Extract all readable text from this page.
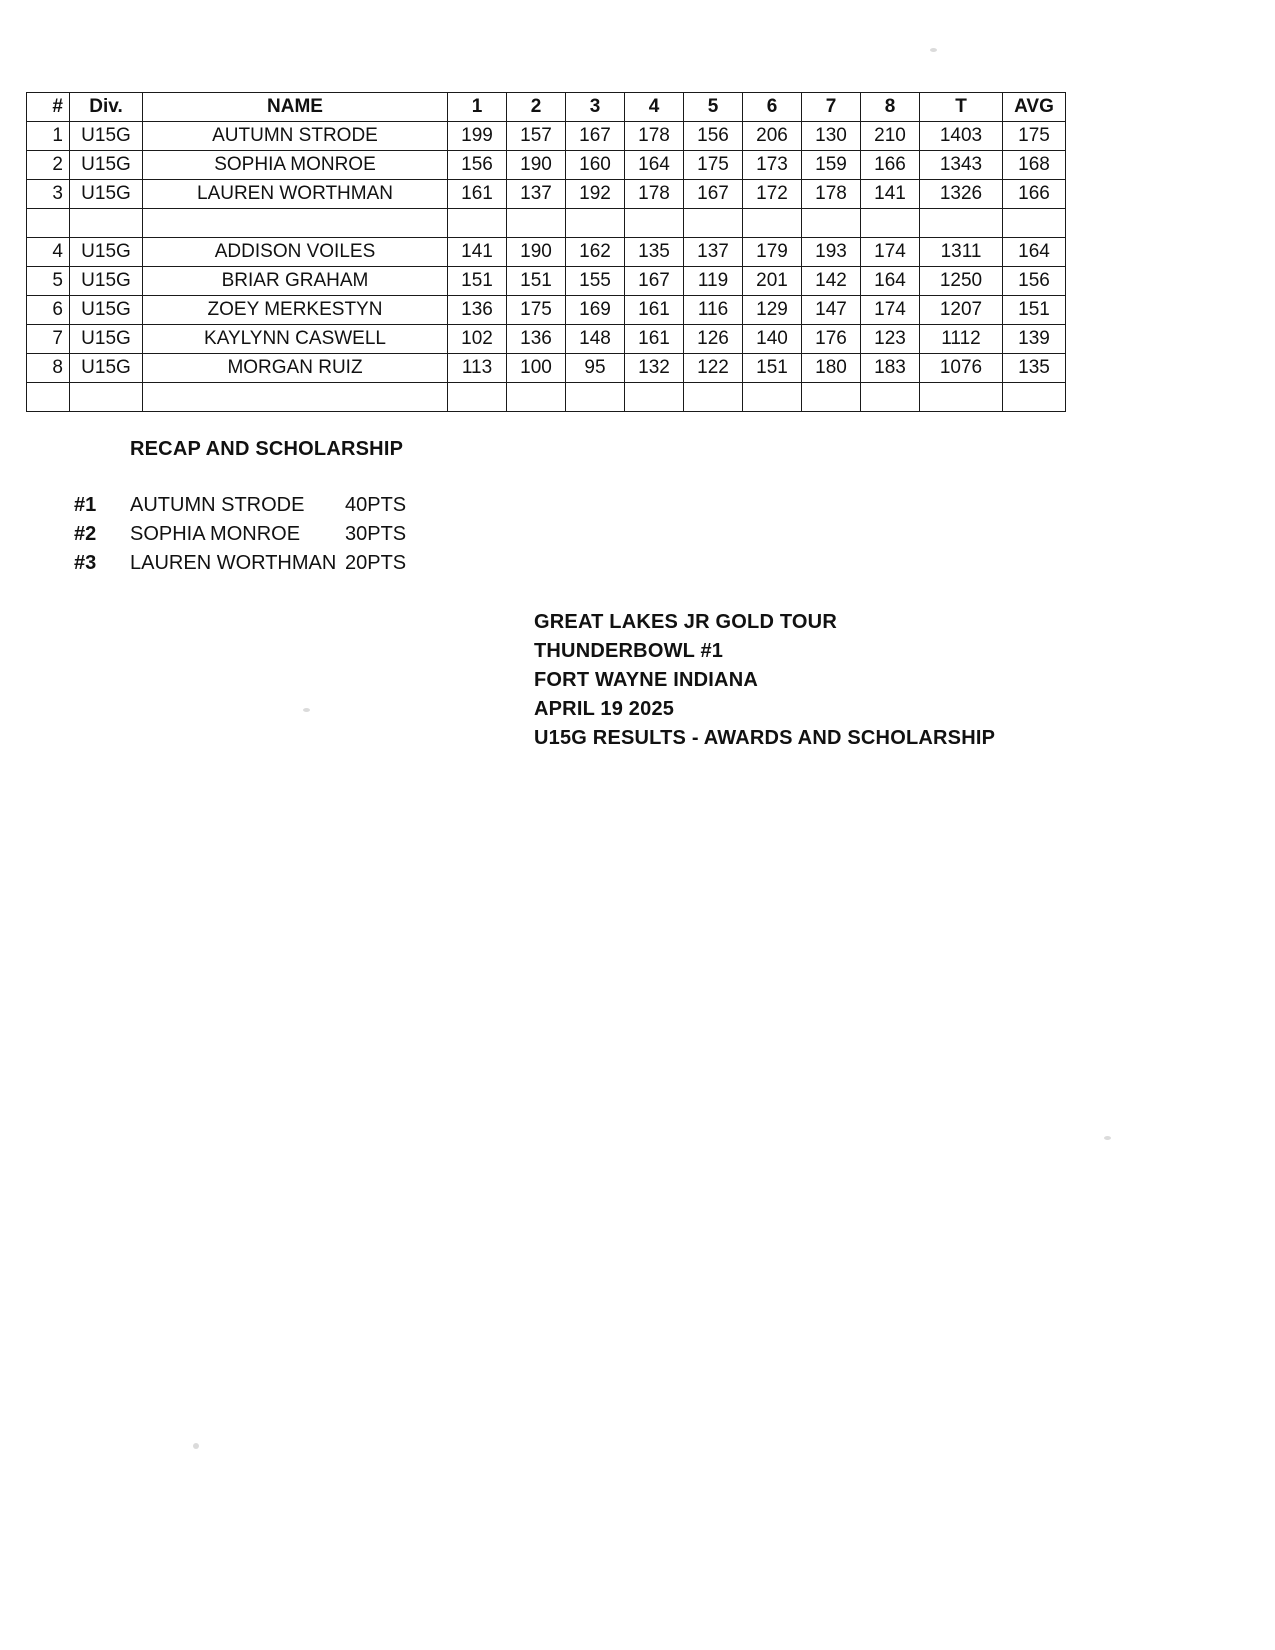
#	Div.	NAME	1	2	3	4	5	6	7	8	T	AVG
1	U15G	AUTUMN STRODE	199	157	167	178	156	206	130	210	1403	175
2	U15G	SOPHIA MONROE	156	190	160	164	175	173	159	166	1343	168
3	U15G	LAUREN WORTHMAN	161	137	192	178	167	172	178	141	1326	166

4	U15G	ADDISON VOILES	141	190	162	135	137	179	193	174	1311	164
5	U15G	BRIAR GRAHAM	151	151	155	167	119	201	142	164	1250	156
6	U15G	ZOEY MERKESTYN	136	175	169	161	116	129	147	174	1207	151
7	U15G	KAYLYNN CASWELL	102	136	148	161	126	140	176	123	1112	139
8	U15G	MORGAN RUIZ	113	100	95	132	122	151	180	183	1076	135

RECAP AND SCHOLARSHIP
#1	AUTUMN STRODE	40PTS
#2	SOPHIA MONROE	30PTS
#3	LAUREN WORTHMAN 20PTS
GREAT LAKES JR GOLD TOUR
THUNDERBOWL #1
FORT WAYNE INDIANA
APRIL 19 2025
U15G RESULTS - AWARDS AND SCHOLARSHIP
